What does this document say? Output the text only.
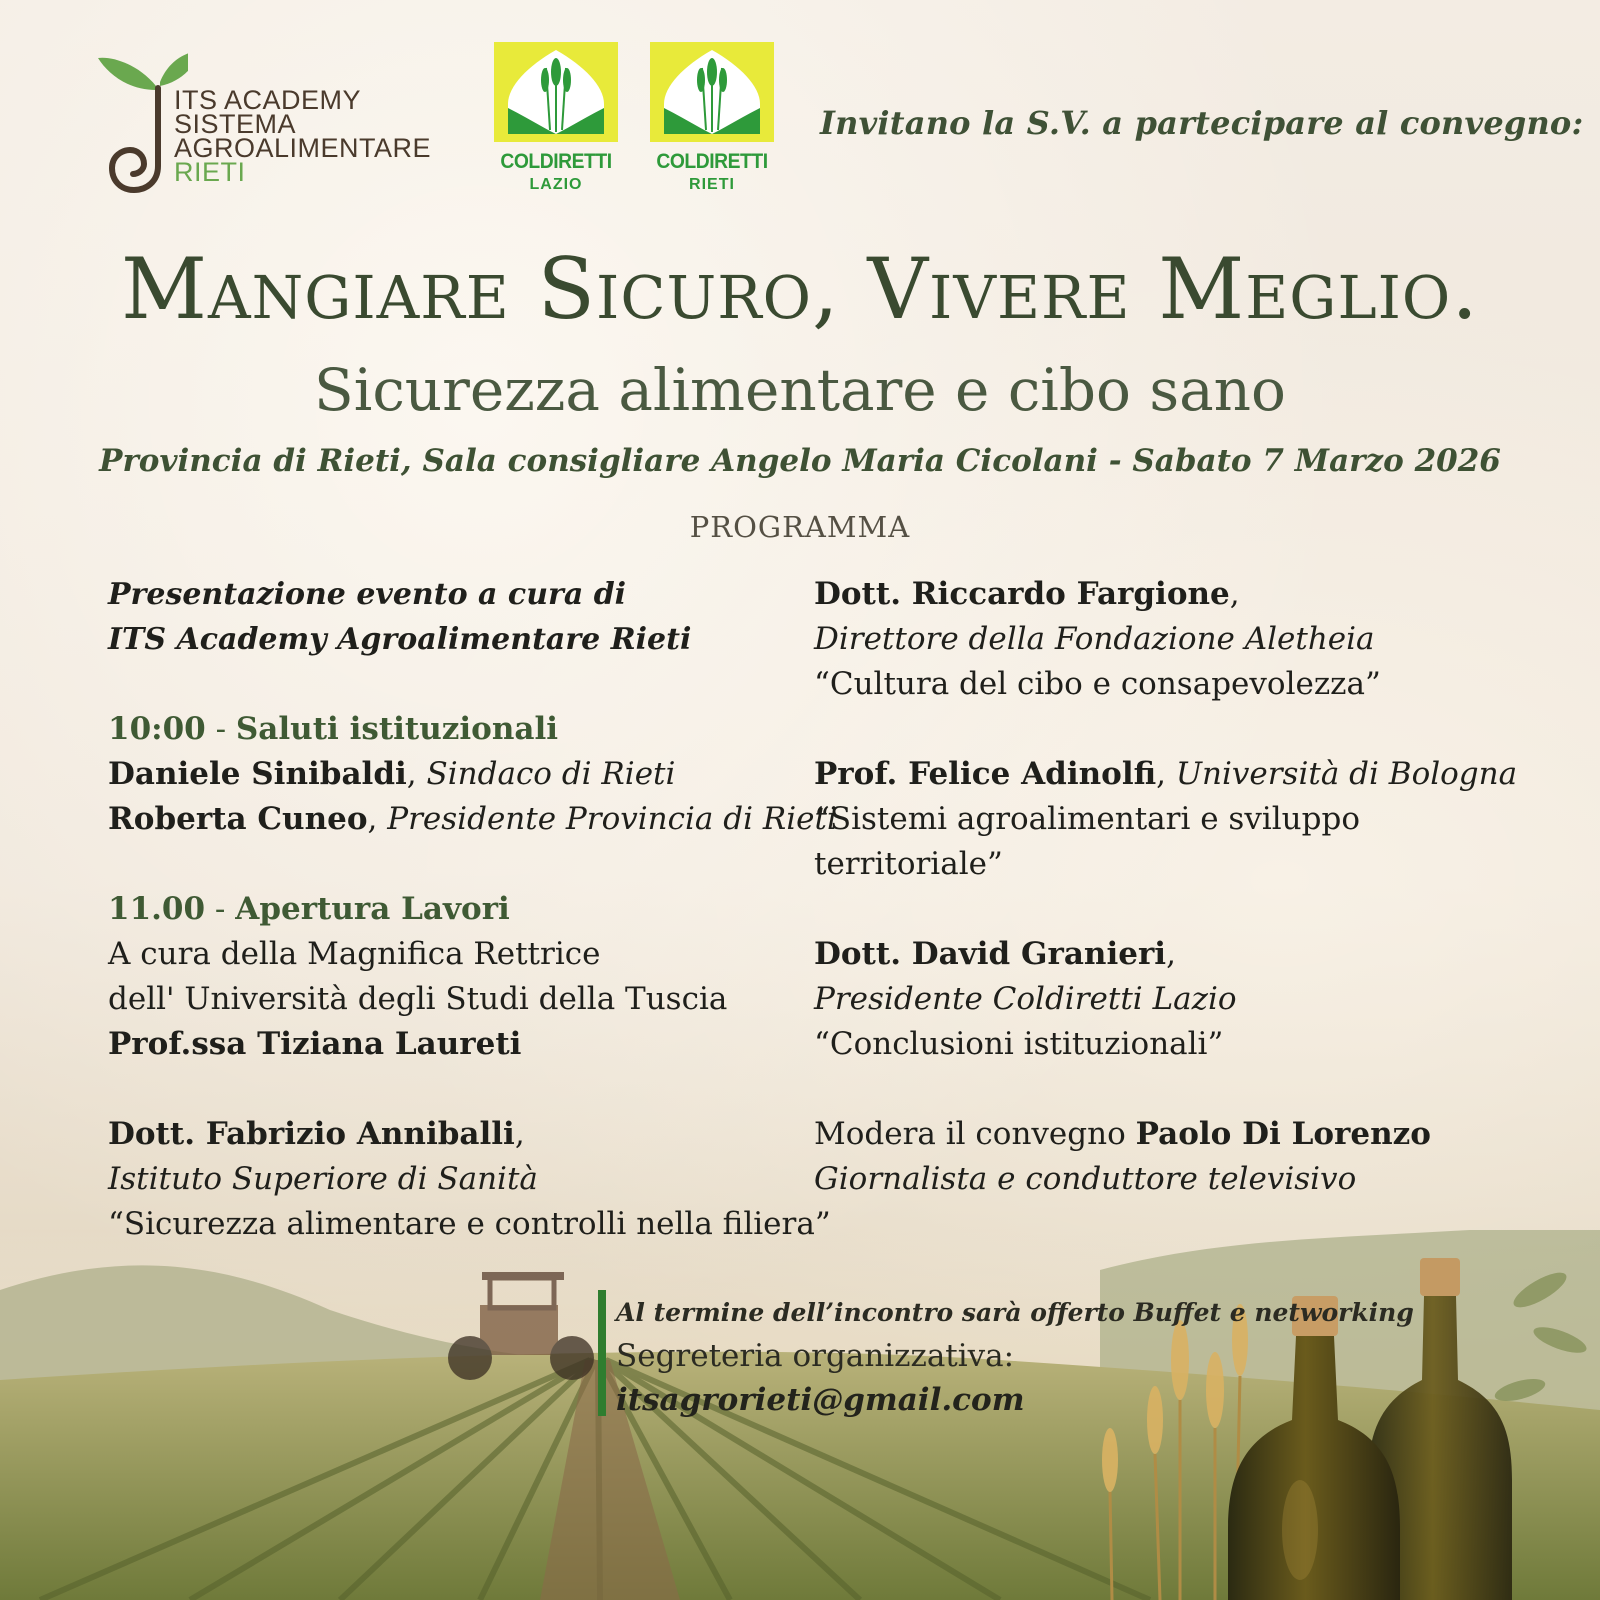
ITS ACADEMY
SISTEMA
AGROALIMENTARE
RIETI	COLDIRETTI
LAZIO
COLDIRETTI
RIETI
Invitano la S.V. a partecipare al convegno:
Mangiare Sicuro, Vivere Meglio.
Sicurezza alimentare e cibo sano
Provincia di Rieti, Sala consigliare Angelo Maria Cicolani - Sabato 7 Marzo 2026
PROGRAMMA
Presentazione evento a cura di
ITS Academy Agroalimentare Rieti
10:00 - Saluti istituzionali
Daniele Sinibaldi, Sindaco di Rieti
Roberta Cuneo, Presidente Provincia di Rieti
11.00 - Apertura Lavori
A cura della Magnifica Rettrice
dell' Università degli Studi della Tuscia
Prof.ssa Tiziana Laureti
Dott. Fabrizio Anniballi,
Istituto Superiore di Sanità
“Sicurezza alimentare e controlli nella filiera”
Dott. Riccardo Fargione,
Direttore della Fondazione Aletheia
“Cultura del cibo e consapevolezza”
Prof. Felice Adinolfi, Università di Bologna
“Sistemi agroalimentari e sviluppo
territoriale”
Dott. David Granieri,
Presidente Coldiretti Lazio
“Conclusioni istituzionali”
Modera il convegno Paolo Di Lorenzo
Giornalista e conduttore televisivo
Al termine dell’incontro sarà offerto Buffet e networking
Segreteria organizzativa:
itsagrorieti@gmail.com
